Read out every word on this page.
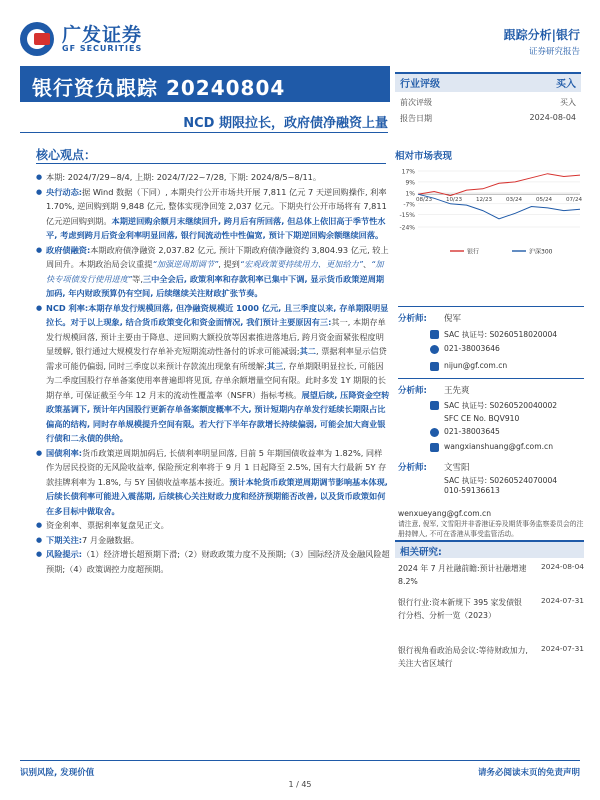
广发证券
GF SECURITIES
跟踪分析|银行
证券研究报告
银行资负跟踪 20240804
NCD 期限拉长，政府债净融资上量
行业评级	买入
前次评级	买入
报告日期	2024-08-04
核心观点：
● 本期: 2024/7/29~8/4, 上期: 2024/7/22~7/28, 下期: 2024/8/5~8/11。
● 央行动态:据 Wind 数据（下同）, 本期央行公开市场共开展 7,811 亿元 7 天逆回购操作, 利率 1.70%, 逆回购到期 9,848 亿元, 整体实现净回笼 2,037 亿元。下期央行公开市场将有 7,811 亿元逆回购到期。本期逆回购余额月末继续回升, 跨月后有所回落, 但总体上依旧高于季节性水平, 考虑到跨月后资金利率明显回落, 银行间流动性中性偏宽, 预计下期逆回购余额继续回落。
● 政府债融资:本期政府债净融资 2,037.82 亿元, 预计下期政府债净融资约 3,804.93 亿元, 较上周回升。本期政治局会议重提“加强逆周期调节”, 提到“宏观政策要持续用力、更加给力”、“加快专项债发行使用进度”等,三中全会后, 政策利率和存款利率已集中下调, 显示货币政策逆周期加码, 年内财政预算仍有空间, 后续继续关注财政扩张节奏。
● NCD 利率:本期存单发行规模回落, 但净融资规模近 1000 亿元, 且三季度以来, 存单期限明显拉长。对于以上现象, 结合货币政策变化和资金面情况, 我们预计主要原因有三:其一, 本期存单发行规模回落, 预计主要由于降息、逆回购大额投放等因素推进落地后, 跨月资金面紧张程度明显缓解, 银行通过大规模发行存单补充短期流动性备付的诉求可能减弱;其二, 票据利率显示信贷需求可能仍偏弱, 同时三季度以来预计存款流出现象有所缓解;其三, 存单期限明显拉长, 可能因为二季度国股行存单备案使用率普遍即将见顶, 存单余额增量空间有限。此时多发 1Y 期限的长期存单, 可保证截至今年 12 月末的流动性覆盖率（NSFR）指标考核。展望后续, 压降资金空转政策基调下, 预计年内国股行更新存单备案额度概率不大, 预计短期内存单发行延续长期限占比偏高的结构, 同时存单规模提升空间有限。若大行下半年存款增长持续偏弱, 可能会加大商业银行债和二永债的供给。
● 国债利率:货币政策逆周期加码后, 长债利率明显回落, 目前 5 年期国债收益率为 1.82%, 同样作为居民投资的无风险收益率, 保险预定利率将于 9 月 1 日起降至 2.5%, 国有大行最新 5Y 存款挂牌利率为 1.8%, 与 5Y 国债收益率基本接近。预计本轮货币政策逆周期调节影响基本体现, 后续长债利率可能进入震荡期, 后续核心关注财政力度和经济预期能否改善, 以及货币政策如何在多目标中做取舍。
● 资金利率、票据利率复盘见正文。
● 下期关注:7 月金融数据。
● 风险提示:（1）经济增长超预期下滑;（2）财政政策力度不及预期;（3）国际经济及金融风险超预期;（4）政策调控力度超预期。
相对市场表现
17%
9%
1%
-7%
-15%
-24%
08/23 10/23 12/23 03/24 05/24 07/24
银行	沪深300
分析师: 倪军
SAC 执证号: S0260518020004
021-38003646
nijun@gf.com.cn
分析师: 王先爽
SAC 执证号: S0260520040002
SFC CE No. BQV910
021-38003645
wangxianshuang@gf.com.cn
分析师: 文雪阳
SAC 执证号: S0260524070004
010-59136613
wenxueyang@gf.com.cn
请注意, 倪军, 文雪阳并非香港证券及期货事务监察委员会的注册持牌人, 不可在香港从事受监管活动。
相关研究:
2024 年 7 月社融前瞻:预计社融增速 8.2%
2024-08-04
银行行业:资本新规下 395 家发债银行分档、分析一览（2023）
2024-07-31
银行视角看政治局会议:等待财政加力, 关注大省区域行
2024-07-31
识别风险, 发现价值	请务必阅读末页的免责声明
1 / 45
